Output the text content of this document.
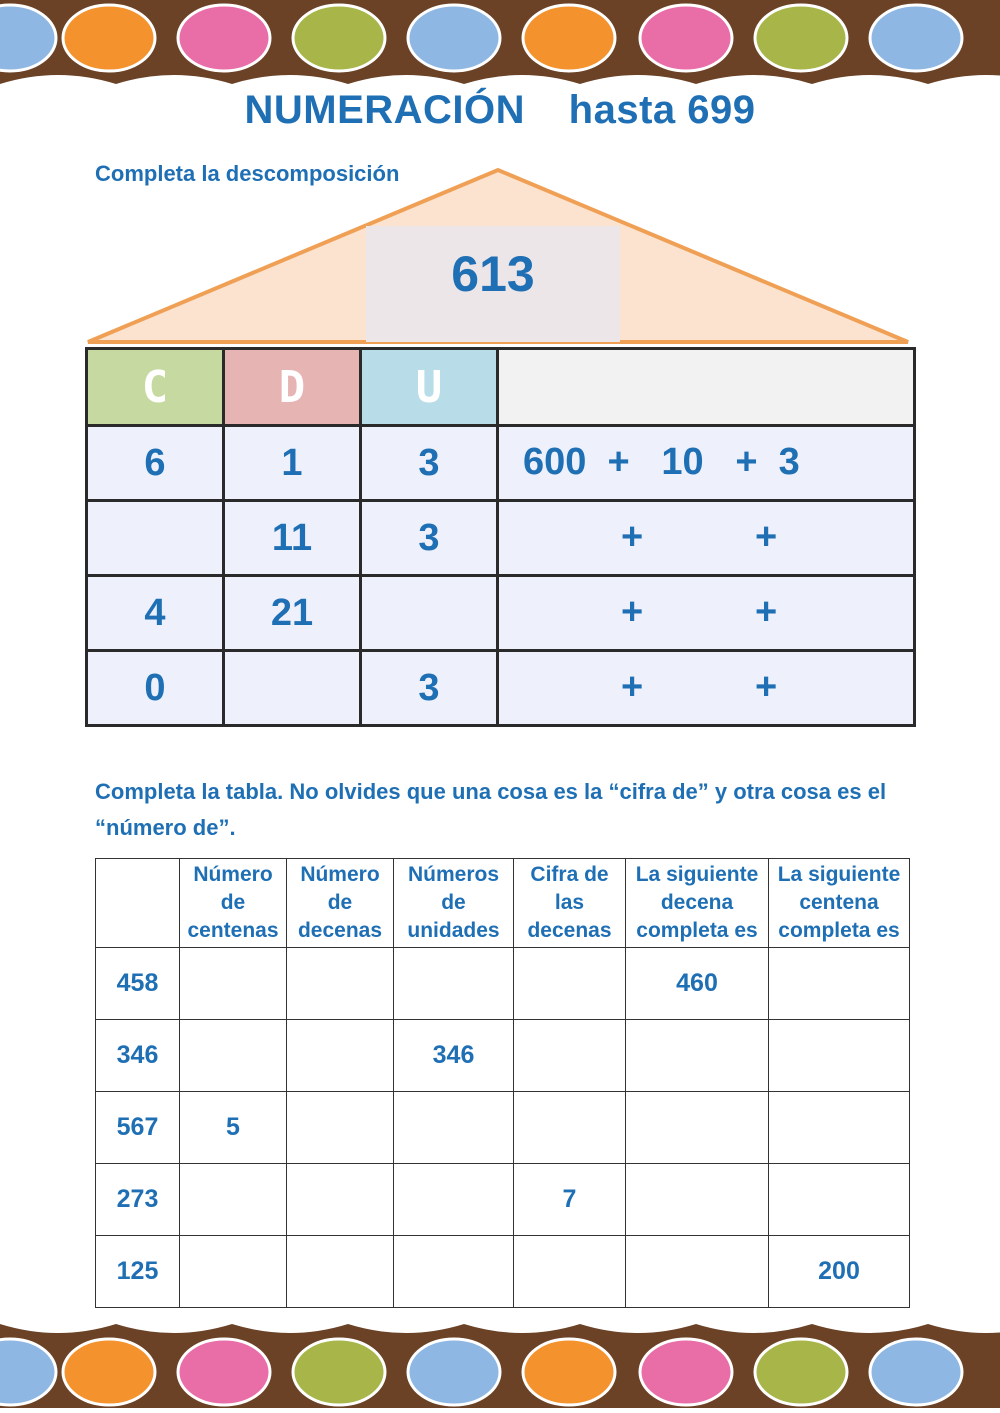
NUMERACIÓN hasta 699
Completa la descomposición
613
C	D	U	
6	1	3	600  +   10   +  3

	11	3	+ +

4	21		+ +

0		3	+ +
Completa la tabla. No olvides que una cosa es la “cifra de” y otra cosa es el “número de”.

	Número
de
centenas	Número
de
decenas	Números
de
unidades	Cifra de
las
decenas	La siguiente
decena
completa es	La siguiente
centena
completa es

458					460	
346			346			
567	5					
273				7		
125						200
